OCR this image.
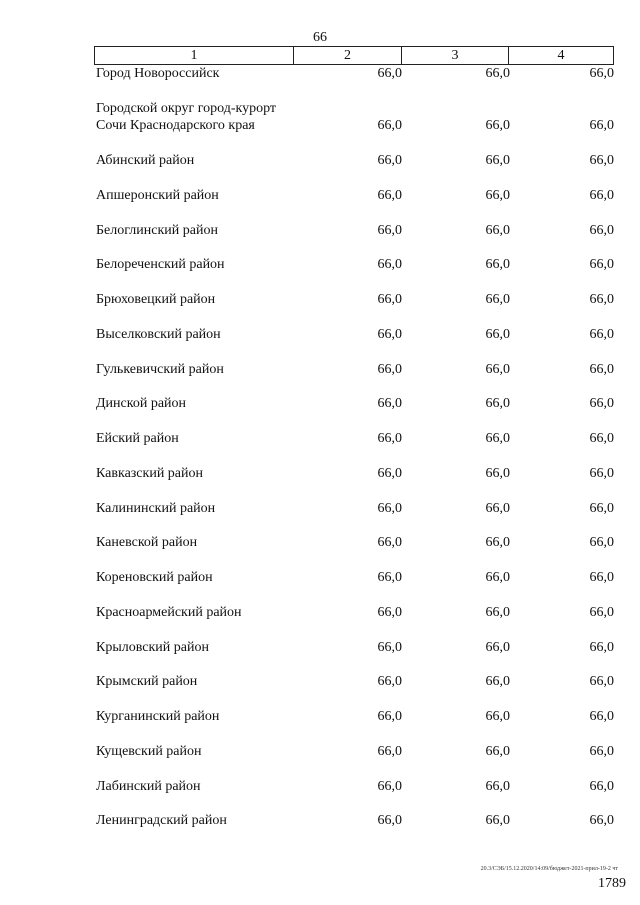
66
1	2	3	4
Город Новороссийск	66,0	66,0	66,0
Городской округ город-курорт
Сочи Краснодарского края	66,0	66,0	66,0
Абинский район	66,0	66,0	66,0
Апшеронский район	66,0	66,0	66,0
Белоглинский район	66,0	66,0	66,0
Белореченский район	66,0	66,0	66,0
Брюховецкий район	66,0	66,0	66,0
Выселковский район	66,0	66,0	66,0
Гулькевичский район	66,0	66,0	66,0
Динской район	66,0	66,0	66,0
Ейский район	66,0	66,0	66,0
Кавказский район	66,0	66,0	66,0
Калининский район	66,0	66,0	66,0
Каневской район	66,0	66,0	66,0
Кореновский район	66,0	66,0	66,0
Красноармейский район	66,0	66,0	66,0
Крыловский район	66,0	66,0	66,0
Крымский район	66,0	66,0	66,0
Курганинский район	66,0	66,0	66,0
Кущевский район	66,0	66,0	66,0
Лабинский район	66,0	66,0	66,0
Ленинградский район	66,0	66,0	66,0
20.3/СЭБ/15.12.2020/14:09/бюджет-2021-прил-19-2 чт
1789
